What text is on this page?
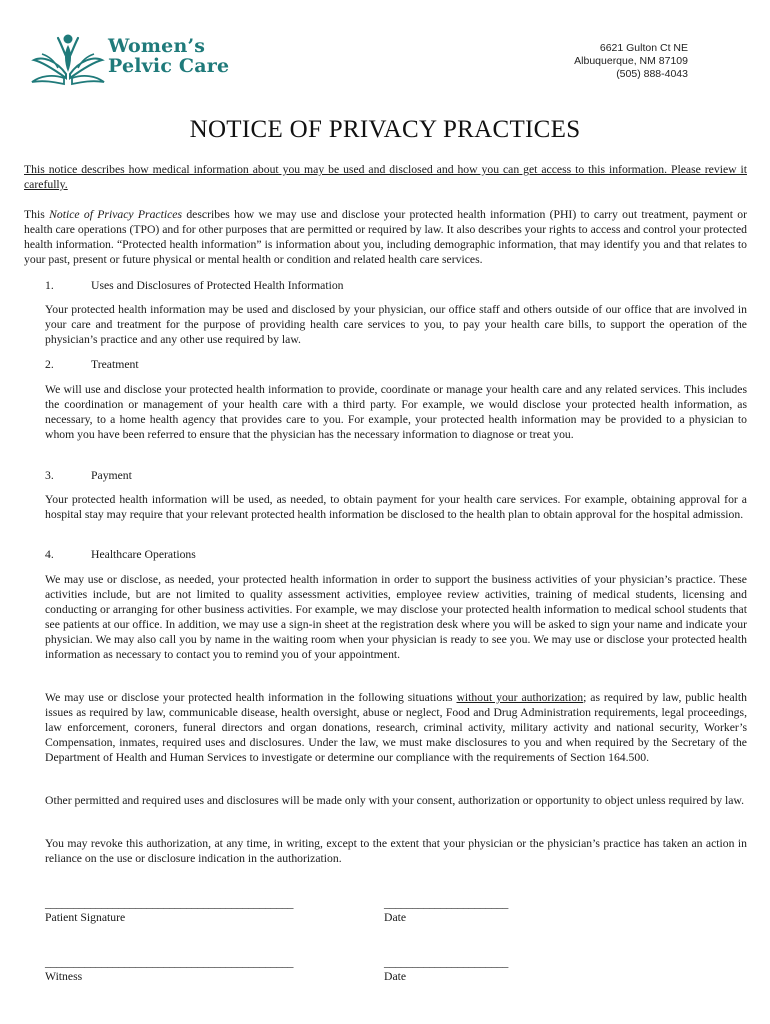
Women’s
Pelvic Care
6621 Gulton Ct NE
Albuquerque, NM 87109
(505) 888-4043
NOTICE OF PRIVACY PRACTICES
This notice describes how medical information about you may be used and disclosed and how you can get access to this information. Please review it carefully.
This Notice of Privacy Practices describes how we may use and disclose your protected health information (PHI) to carry out treatment, payment or health care operations (TPO) and for other purposes that are permitted or required by law. It also describes your rights to access and control your protected health information. “Protected health information” is information about you, including demographic information, that may identify you and that relates to your past, present or future physical or mental health or condition and related health care services.
1.	Uses and Disclosures of Protected Health Information
Your protected health information may be used and disclosed by your physician, our office staff and others outside of our office that are involved in your care and treatment for the purpose of providing health care services to you, to pay your health care bills, to support the operation of the physician’s practice and any other use required by law.
2.	Treatment
We will use and disclose your protected health information to provide, coordinate or manage your health care and any related services. This includes the coordination or management of your health care with a third party. For example, we would disclose your protected health information, as necessary, to a home health agency that provides care to you. For example, your protected health information may be provided to a physician to whom you have been referred to ensure that the physician has the necessary information to diagnose or treat you.
3.	Payment
Your protected health information will be used, as needed, to obtain payment for your health care services. For example, obtaining approval for a hospital stay may require that your relevant protected health information be disclosed to the health plan to obtain approval for the hospital admission.
4.	Healthcare Operations
We may use or disclose, as needed, your protected health information in order to support the business activities of your physician’s practice. These activities include, but are not limited to quality assessment activities, employee review activities, training of medical students, licensing and conducting or arranging for other business activities. For example, we may disclose your protected health information to medical school students that see patients at our office. In addition, we may use a sign-in sheet at the registration desk where you will be asked to sign your name and indicate your physician. We may also call you by name in the waiting room when your physician is ready to see you. We may use or disclose your protected health information as necessary to contact you to remind you of your appointment.
We may use or disclose your protected health information in the following situations without your authorization; as required by law, public health issues as required by law, communicable disease, health oversight, abuse or neglect, Food and Drug Administration requirements, legal proceedings, law enforcement, coroners, funeral directors and organ donations, research, criminal activity, military activity and national security, Worker’s Compensation, inmates, required uses and disclosures. Under the law, we must make disclosures to you and when required by the Secretary of the Department of Health and Human Services to investigate or determine our compliance with the requirements of Section 164.500.
Other permitted and required uses and disclosures will be made only with your consent, authorization or opportunity to object unless required by law.
You may revoke this authorization, at any time, in writing, except to the extent that your physician or the physician’s practice has taken an action in reliance on the use or disclosure indication in the authorization.
____________________________________________
Patient Signature
______________________
Date
____________________________________________
Witness
______________________
Date
